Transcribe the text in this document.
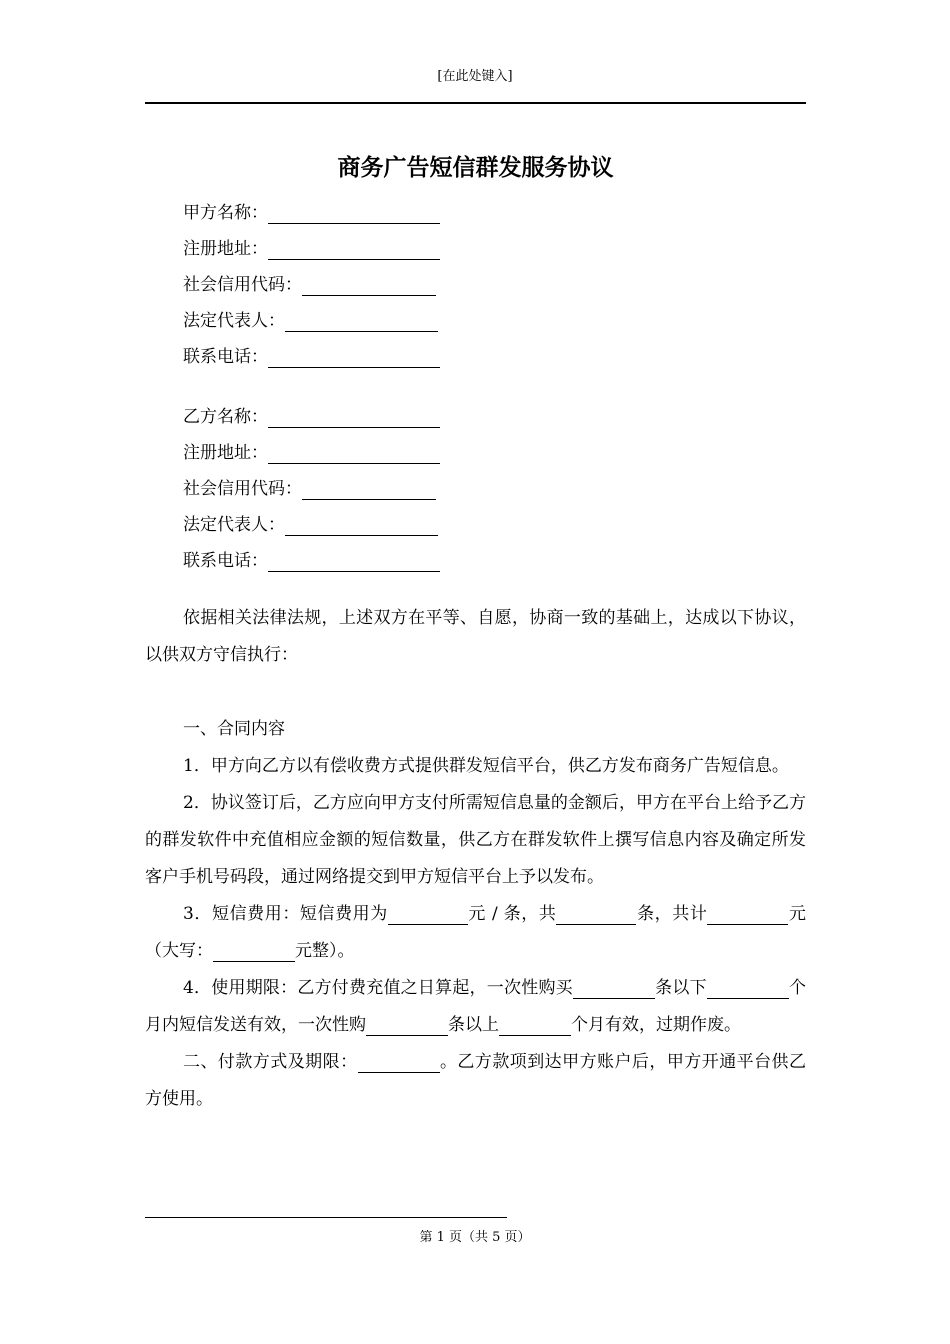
[在此处键入]
商务广告短信群发服务协议
甲方名称：
注册地址：
社会信用代码：
法定代表人：
联系电话：
乙方名称：
注册地址：
社会信用代码：
法定代表人：
联系电话：

依据相关法律法规，上述双方在平等、自愿，协商一致的基础上，达成以下协议，以供双方守信执行：

一、合同内容

1．甲方向乙方以有偿收费方式提供群发短信平台，供乙方发布商务广告短信息。

2．协议签订后，乙方应向甲方支付所需短信息量的金额后，甲方在平台上给予乙方的群发软件中充值相应金额的短信数量，供乙方在群发软件上撰写信息内容及确定所发客户手机号码段，通过网络提交到甲方短信平台上予以发布。

3．短信费用：短信费用为	元 / 条，共	条，共计	元（大写：	元整）。

4．使用期限：乙方付费充值之日算起，一次性购买	条以下	个月内短信发送有效，一次性购	条以上	个月有效，过期作废。

二、付款方式及期限：	。乙方款项到达甲方账户后，甲方开通平台供乙方使用。

第 1 页（共 5 页）
